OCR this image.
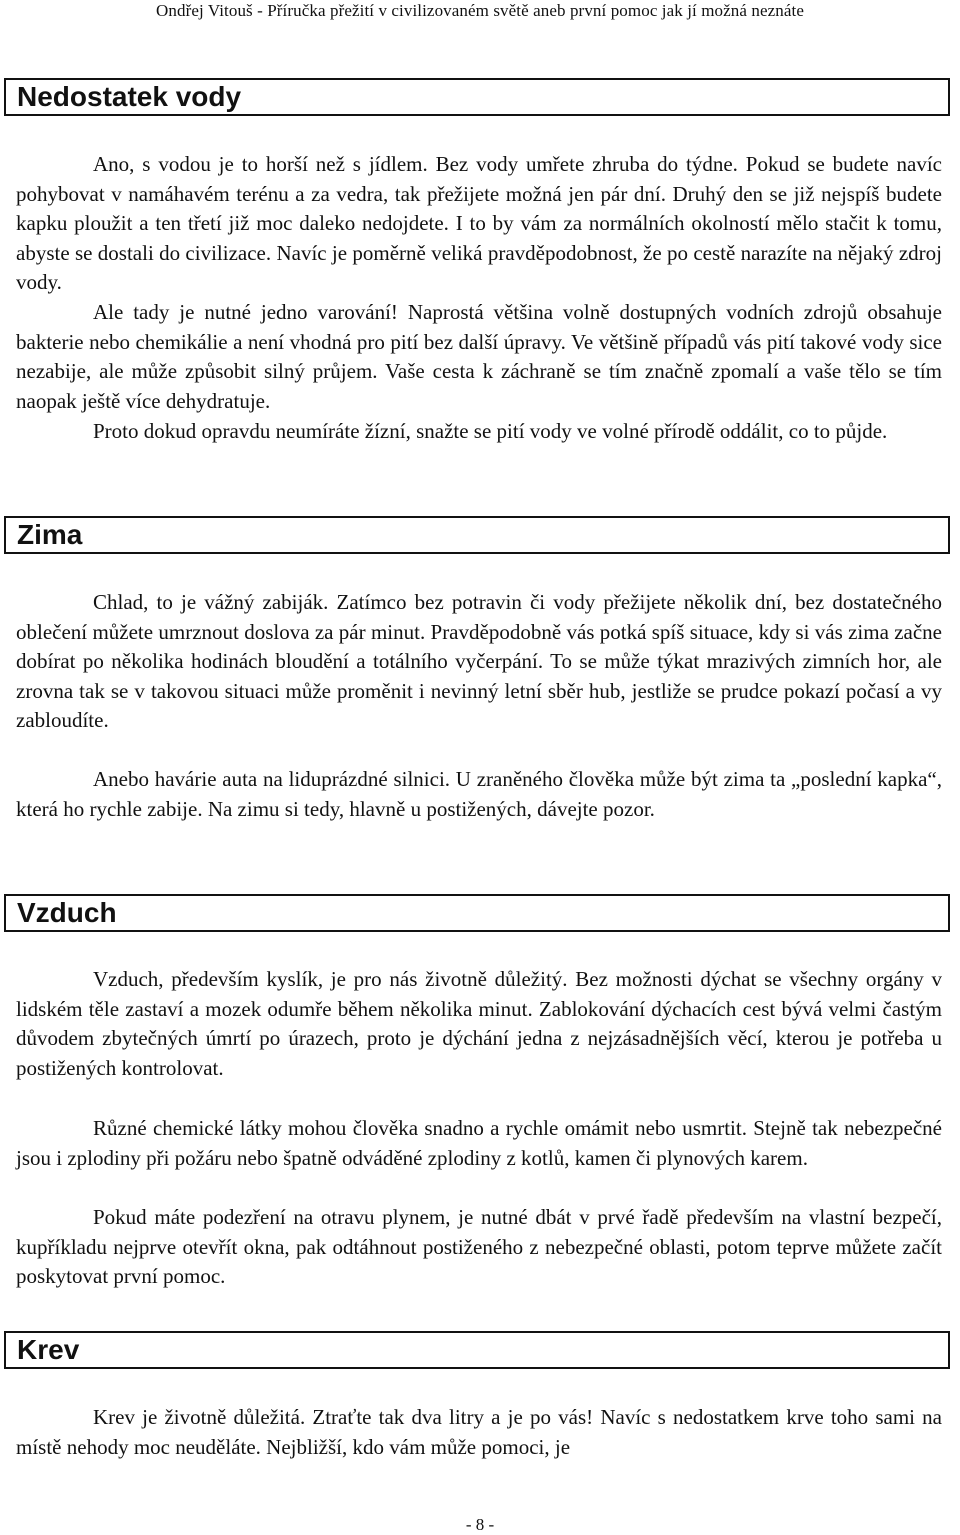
Ondřej Vitouš - Příručka přežití v civilizovaném světě aneb první pomoc jak jí možná neznáte
Nedostatek vody

Ano, s vodou je to horší než s jídlem. Bez vody umřete zhruba do týdne. Pokud se budete navíc pohybovat v namáhavém terénu a za vedra, tak přežijete možná jen pár dní. Druhý den se již nejspíš budete kapku ploužit a ten třetí již moc daleko nedojdete. I to by vám za normálních okolností mělo stačit k tomu, abyste se dostali do civilizace. Navíc je poměrně veliká pravděpodobnost, že po cestě narazíte na nějaký zdroj vody.

Ale tady je nutné jedno varování! Naprostá většina volně dostupných vodních zdrojů obsahuje bakterie nebo chemikálie a není vhodná pro pití bez další úpravy. Ve většině případů vás pití takové vody sice nezabije, ale může způsobit silný průjem. Vaše cesta k záchraně se tím značně zpomalí a vaše tělo se tím naopak ještě více dehydratuje.

Proto dokud opravdu neumíráte žízní, snažte se pití vody ve volné přírodě oddálit, co to půjde.

Zima

Chlad, to je vážný zabiják. Zatímco bez potravin či vody přežijete několik dní, bez dostatečného oblečení můžete umrznout doslova za pár minut. Pravděpodobně vás potká spíš situace, kdy si vás zima začne dobírat po několika hodinách bloudění a totálního vyčerpání. To se může týkat mrazivých zimních hor, ale zrovna tak se v takovou situaci může proměnit i nevinný letní sběr hub, jestliže se prudce pokazí počasí a vy zabloudíte.

Anebo havárie auta na liduprázdné silnici. U zraněného člověka může být zima ta „poslední kapka“, která ho rychle zabije. Na zimu si tedy, hlavně u postižených, dávejte pozor.

Vzduch

Vzduch, především kyslík, je pro nás životně důležitý. Bez možnosti dýchat se všechny orgány v lidském těle zastaví a mozek odumře během několika minut. Zablokování dýchacích cest bývá velmi častým důvodem zbytečných úmrtí po úrazech, proto je dýchání jedna z nejzásadnějších věcí, kterou je potřeba u postižených kontrolovat.

Různé chemické látky mohou člověka snadno a rychle omámit nebo usmrtit. Stejně tak nebezpečné jsou i zplodiny při požáru nebo špatně odváděné zplodiny z kotlů, kamen či plynových karem.

Pokud máte podezření na otravu plynem, je nutné dbát v prvé řadě především na vlastní bezpečí, kupříkladu nejprve otevřít okna, pak odtáhnout postiženého z nebezpečné oblasti, potom teprve můžete začít poskytovat první pomoc.

Krev

Krev je životně důležitá. Ztraťte tak dva litry a je po vás! Navíc s nedostatkem krve toho sami na místě nehody moc neuděláte. Nejbližší, kdo vám může pomoci, je

- 8 -
